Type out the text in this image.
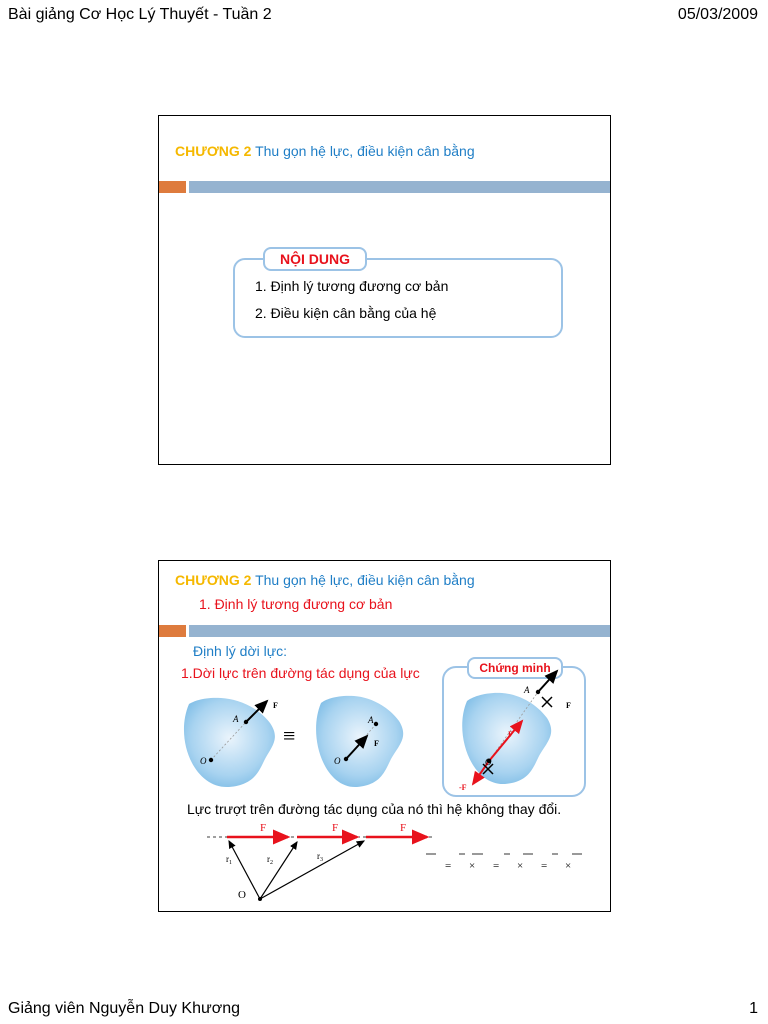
Bài giảng Cơ Học Lý Thuyết - Tuần 2	05/03/2009
CHƯƠNG 2 Thu gọn hệ lực, điều kiện cân bằng
1. Định lý tương đương cơ bản
2. Điều kiện cân bằng của hệ
NỘI DUNG
CHƯƠNG 2 Thu gọn hệ lực, điều kiện cân bằng
1. Định lý tương đương cơ bản
Định lý dời lực:
1.Dời lực trên đường tác dụng của lực	Chứng minh
O
A
F
≡
O
A
F
O
A
F
F
-F
Lực trượt trên đường tác dụng của nó thì hệ không thay đổi.
F	F	F
$r_1$	$r_2$
$r_3$
O
= × = × = ×
Giảng viên Nguyễn Duy Khương	1
